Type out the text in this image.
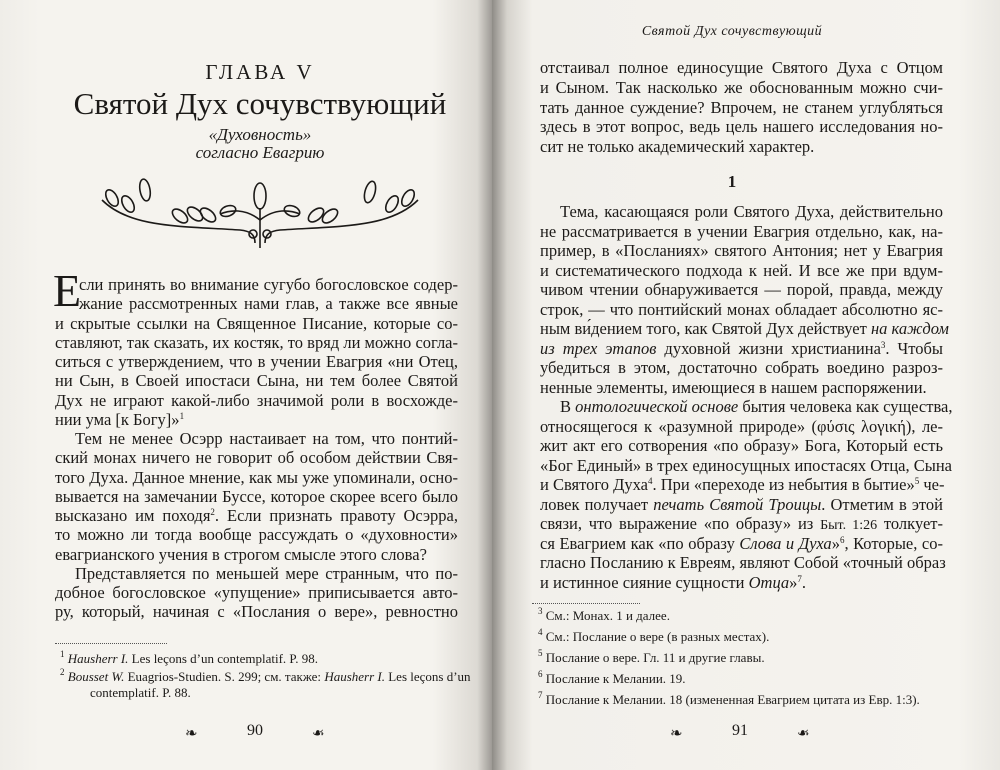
ГЛАВА V
Святой Дух сочувствующий
«Духовность»
согласно Евагрию
Е
сли принять во внимание сугубо богословское содер-
жание рассмотренных нами глав, а также все явные
и скрытые ссылки на Священное Писание, которые со-
ставляют, так сказать, их костяк, то вряд ли можно согла-
ситься с утверждением, что в учении Евагрия «ни Отец,
ни Сын, в Своей ипостаси Сына, ни тем более Святой
Дух не играют какой-либо значимой роли в восхожде-
нии ума [к Богу]»$^1$
Тем не менее Осэрр настаивает на том, что понтий-
ский монах ничего не говорит об особом действии Свя-
того Духа. Данное мнение, как мы уже упоминали, осно-
вывается на замечании Буссе, которое скорее всего было
высказано им походя$^2$. Если признать правоту Осэрра,
то можно ли тогда вообще рассуждать о «духовности»
евагрианского учения в строгом смысле этого слова?
Представляется по меньшей мере странным, что по-
добное богословское «упущение» приписывается авто-
ру, который, начиная с «Послания о вере», ревностно
$^1$ Hausherr I. Les leçons d’un contemplatif. P. 98.
$^2$ Bousset W. Euagrios-Studien. S. 299; см. также: Hausherr I. Les leçons d’un
contemplatif. P. 88.
❧	90	❧
Святой Дух сочувствующий
отстаивал полное единосущие Святого Духа с Отцом
и Сыном. Так насколько же обоснованным можно счи-
тать данное суждение? Впрочем, не станем углубляться
здесь в этот вопрос, ведь цель нашего исследования но-
сит не только академический характер.
Тема, касающаяся роли Святого Духа, действительно
не рассматривается в учении Евагрия отдельно, как, на-
пример, в «Посланиях» святого Антония; нет у Евагрия
и систематического подхода к ней. И все же при вдум-
чивом чтении обнаруживается — порой, правда, между
строк, — что понтийский монах обладает абсолютно яс-
ным ви́дением того, как Святой Дух действует на каждом
из трех этапов духовной жизни христианина$^3$. Чтобы
убедиться в этом, достаточно собрать воедино разроз-
ненные элементы, имеющиеся в нашем распоряжении.
В онтологической основе бытия человека как существа,
относящегося к «разумной природе» (φύσις λογική), ле-
жит акт его сотворения «по образу» Бога, Который есть
«Бог Единый» в трех единосущных ипостасях Отца, Сына
и Святого Духа$^4$. При «переходе из небытия в бытие»$^5$ че-
ловек получает печать Святой Троицы. Отметим в этой
связи, что выражение «по образу» из Быт. 1:26 толкует-
ся Евагрием как «по образу Слова и Духа»$^6$, Которые, со-
гласно Посланию к Евреям, являют Собой «точный образ
и истинное сияние сущности Отца»$^7$.
1
$^3$ См.: Монах. 1 и далее.
$^4$ См.: Послание о вере (в разных местах).
$^5$ Послание о вере. Гл. 11 и другие главы.
$^6$ Послание к Мелании. 19.
$^7$ Послание к Мелании. 18 (измененная Евагрием цитата из Евр. 1:3).
❧	91	❧
